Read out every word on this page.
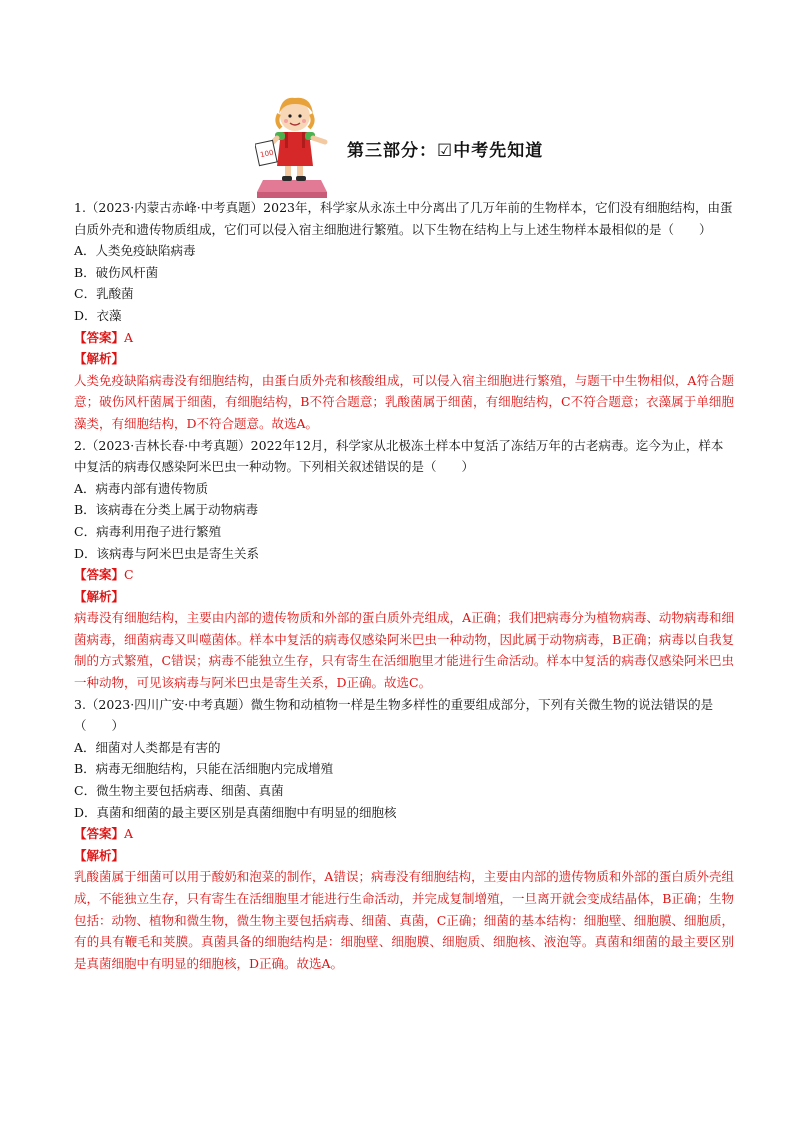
100	第三部分：☑中考先知道

1.（2023·内蒙古赤峰·中考真题）2023年，科学家从永冻土中分离出了几万年前的生物样本，它们没有细胞结构，由蛋白质外壳和遗传物质组成，它们可以侵入宿主细胞进行繁殖。以下生物在结构上与上述生物样本最相似的是（　　）

A．人类免疫缺陷病毒

B．破伤风杆菌

C．乳酸菌

D．衣藻

【答案】A

【解析】

人类免疫缺陷病毒没有细胞结构，由蛋白质外壳和核酸组成，可以侵入宿主细胞进行繁殖，与题干中生物相似，A符合题意；破伤风杆菌属于细菌，有细胞结构，B不符合题意；乳酸菌属于细菌，有细胞结构，C不符合题意；衣藻属于单细胞藻类，有细胞结构，D不符合题意。故选A。

2.（2023·吉林长春·中考真题）2022年12月，科学家从北极冻土样本中复活了冻结万年的古老病毒。迄今为止，样本中复活的病毒仅感染阿米巴虫一种动物。下列相关叙述错误的是（　　）

A．病毒内部有遗传物质

B．该病毒在分类上属于动物病毒

C．病毒利用孢子进行繁殖

D．该病毒与阿米巴虫是寄生关系

【答案】C

【解析】

病毒没有细胞结构，主要由内部的遗传物质和外部的蛋白质外壳组成，A正确；我们把病毒分为植物病毒、动物病毒和细菌病毒，细菌病毒又叫噬菌体。样本中复活的病毒仅感染阿米巴虫一种动物，因此属于动物病毒，B正确；病毒以自我复制的方式繁殖，C错误；病毒不能独立生存，只有寄生在活细胞里才能进行生命活动。样本中复活的病毒仅感染阿米巴虫一种动物，可见该病毒与阿米巴虫是寄生关系，D正确。故选C。

3.（2023·四川广安·中考真题）微生物和动植物一样是生物多样性的重要组成部分，下列有关微生物的说法错误的是（　　）

A．细菌对人类都是有害的

B．病毒无细胞结构，只能在活细胞内完成增殖

C．微生物主要包括病毒、细菌、真菌

D．真菌和细菌的最主要区别是真菌细胞中有明显的细胞核

【答案】A

【解析】

乳酸菌属于细菌可以用于酸奶和泡菜的制作，A错误；病毒没有细胞结构，主要由内部的遗传物质和外部的蛋白质外壳组成，不能独立生存，只有寄生在活细胞里才能进行生命活动，并完成复制增殖，一旦离开就会变成结晶体，B正确；生物包括：动物、植物和微生物，微生物主要包括病毒、细菌、真菌，C正确；细菌的基本结构：细胞壁、细胞膜、细胞质，有的具有鞭毛和荚膜。真菌具备的细胞结构是：细胞壁、细胞膜、细胞质、细胞核、液泡等。真菌和细菌的最主要区别是真菌细胞中有明显的细胞核，D正确。故选A。
